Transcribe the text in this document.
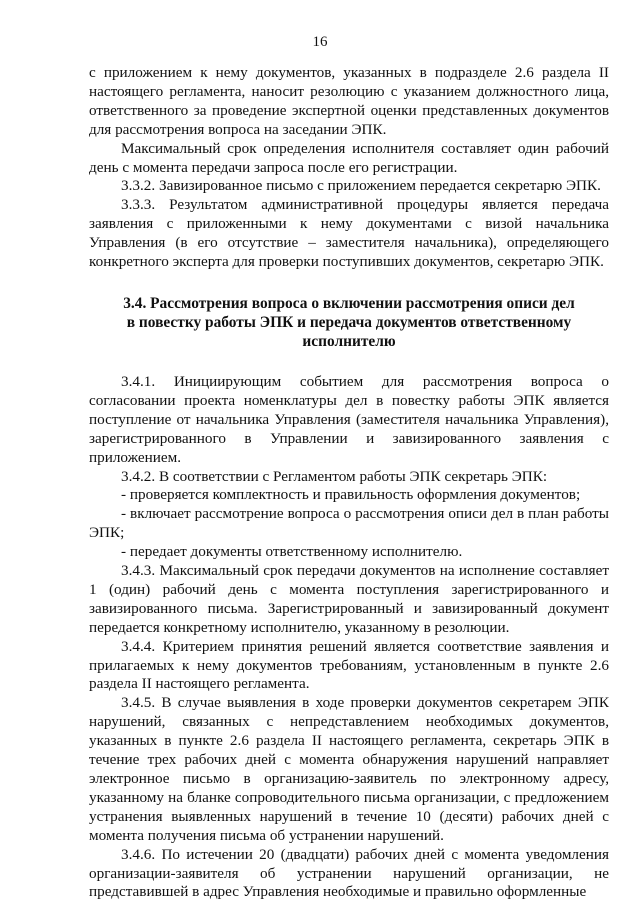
16

с приложением к нему документов, указанных в подразделе 2.6 раздела II настоящего регламента, наносит резолюцию с указанием должностного лица, ответственного за проведение экспертной оценки представленных документов для рассмотрения вопроса на заседании ЭПК.

Максимальный срок определения исполнителя составляет один рабочий день с момента передачи запроса после его регистрации.

3.3.2. Завизированное письмо с приложением передается секретарю ЭПК.

3.3.3. Результатом административной процедуры является передача заявления с приложенными к нему документами с визой начальника Управления (в его отсутствие – заместителя начальника), определяющего конкретного эксперта для проверки поступивших документов, секретарю ЭПК.

3.4. Рассмотрения вопроса о включении рассмотрения описи дел в повестку работы ЭПК и передача документов ответственному исполнителю

3.4.1. Инициирующим событием для рассмотрения вопроса о согласовании проекта номенклатуры дел в повестку работы ЭПК является поступление от начальника Управления (заместителя начальника Управления), зарегистрированного в Управлении и завизированного заявления с приложением.

3.4.2. В соответствии с Регламентом работы ЭПК секретарь ЭПК:

- проверяется комплектность и правильность оформления документов;

- включает рассмотрение вопроса о рассмотрения описи дел в план работы ЭПК;

- передает документы ответственному исполнителю.

3.4.3. Максимальный срок передачи документов на исполнение составляет 1 (один) рабочий день с момента поступления зарегистрированного и завизированного письма. Зарегистрированный и завизированный документ передается конкретному исполнителю, указанному в резолюции.

3.4.4. Критерием принятия решений является соответствие заявления и прилагаемых к нему документов требованиям, установленным в пункте 2.6 раздела II настоящего регламента.

3.4.5. В случае выявления в ходе проверки документов секретарем ЭПК нарушений, связанных с непредставлением необходимых документов, указанных в пункте 2.6 раздела II настоящего регламента, секретарь ЭПК в течение трех рабочих дней с момента обнаружения нарушений направляет электронное письмо в организацию-заявитель по электронному адресу, указанному на бланке сопроводительного письма организации, с предложением устранения выявленных нарушений в течение 10 (десяти) рабочих дней с момента получения письма об устранении нарушений.

3.4.6. По истечении 20 (двадцати) рабочих дней с момента уведомления организации-заявителя об устранении нарушений организации, не представившей в адрес Управления необходимые и правильно оформленные
